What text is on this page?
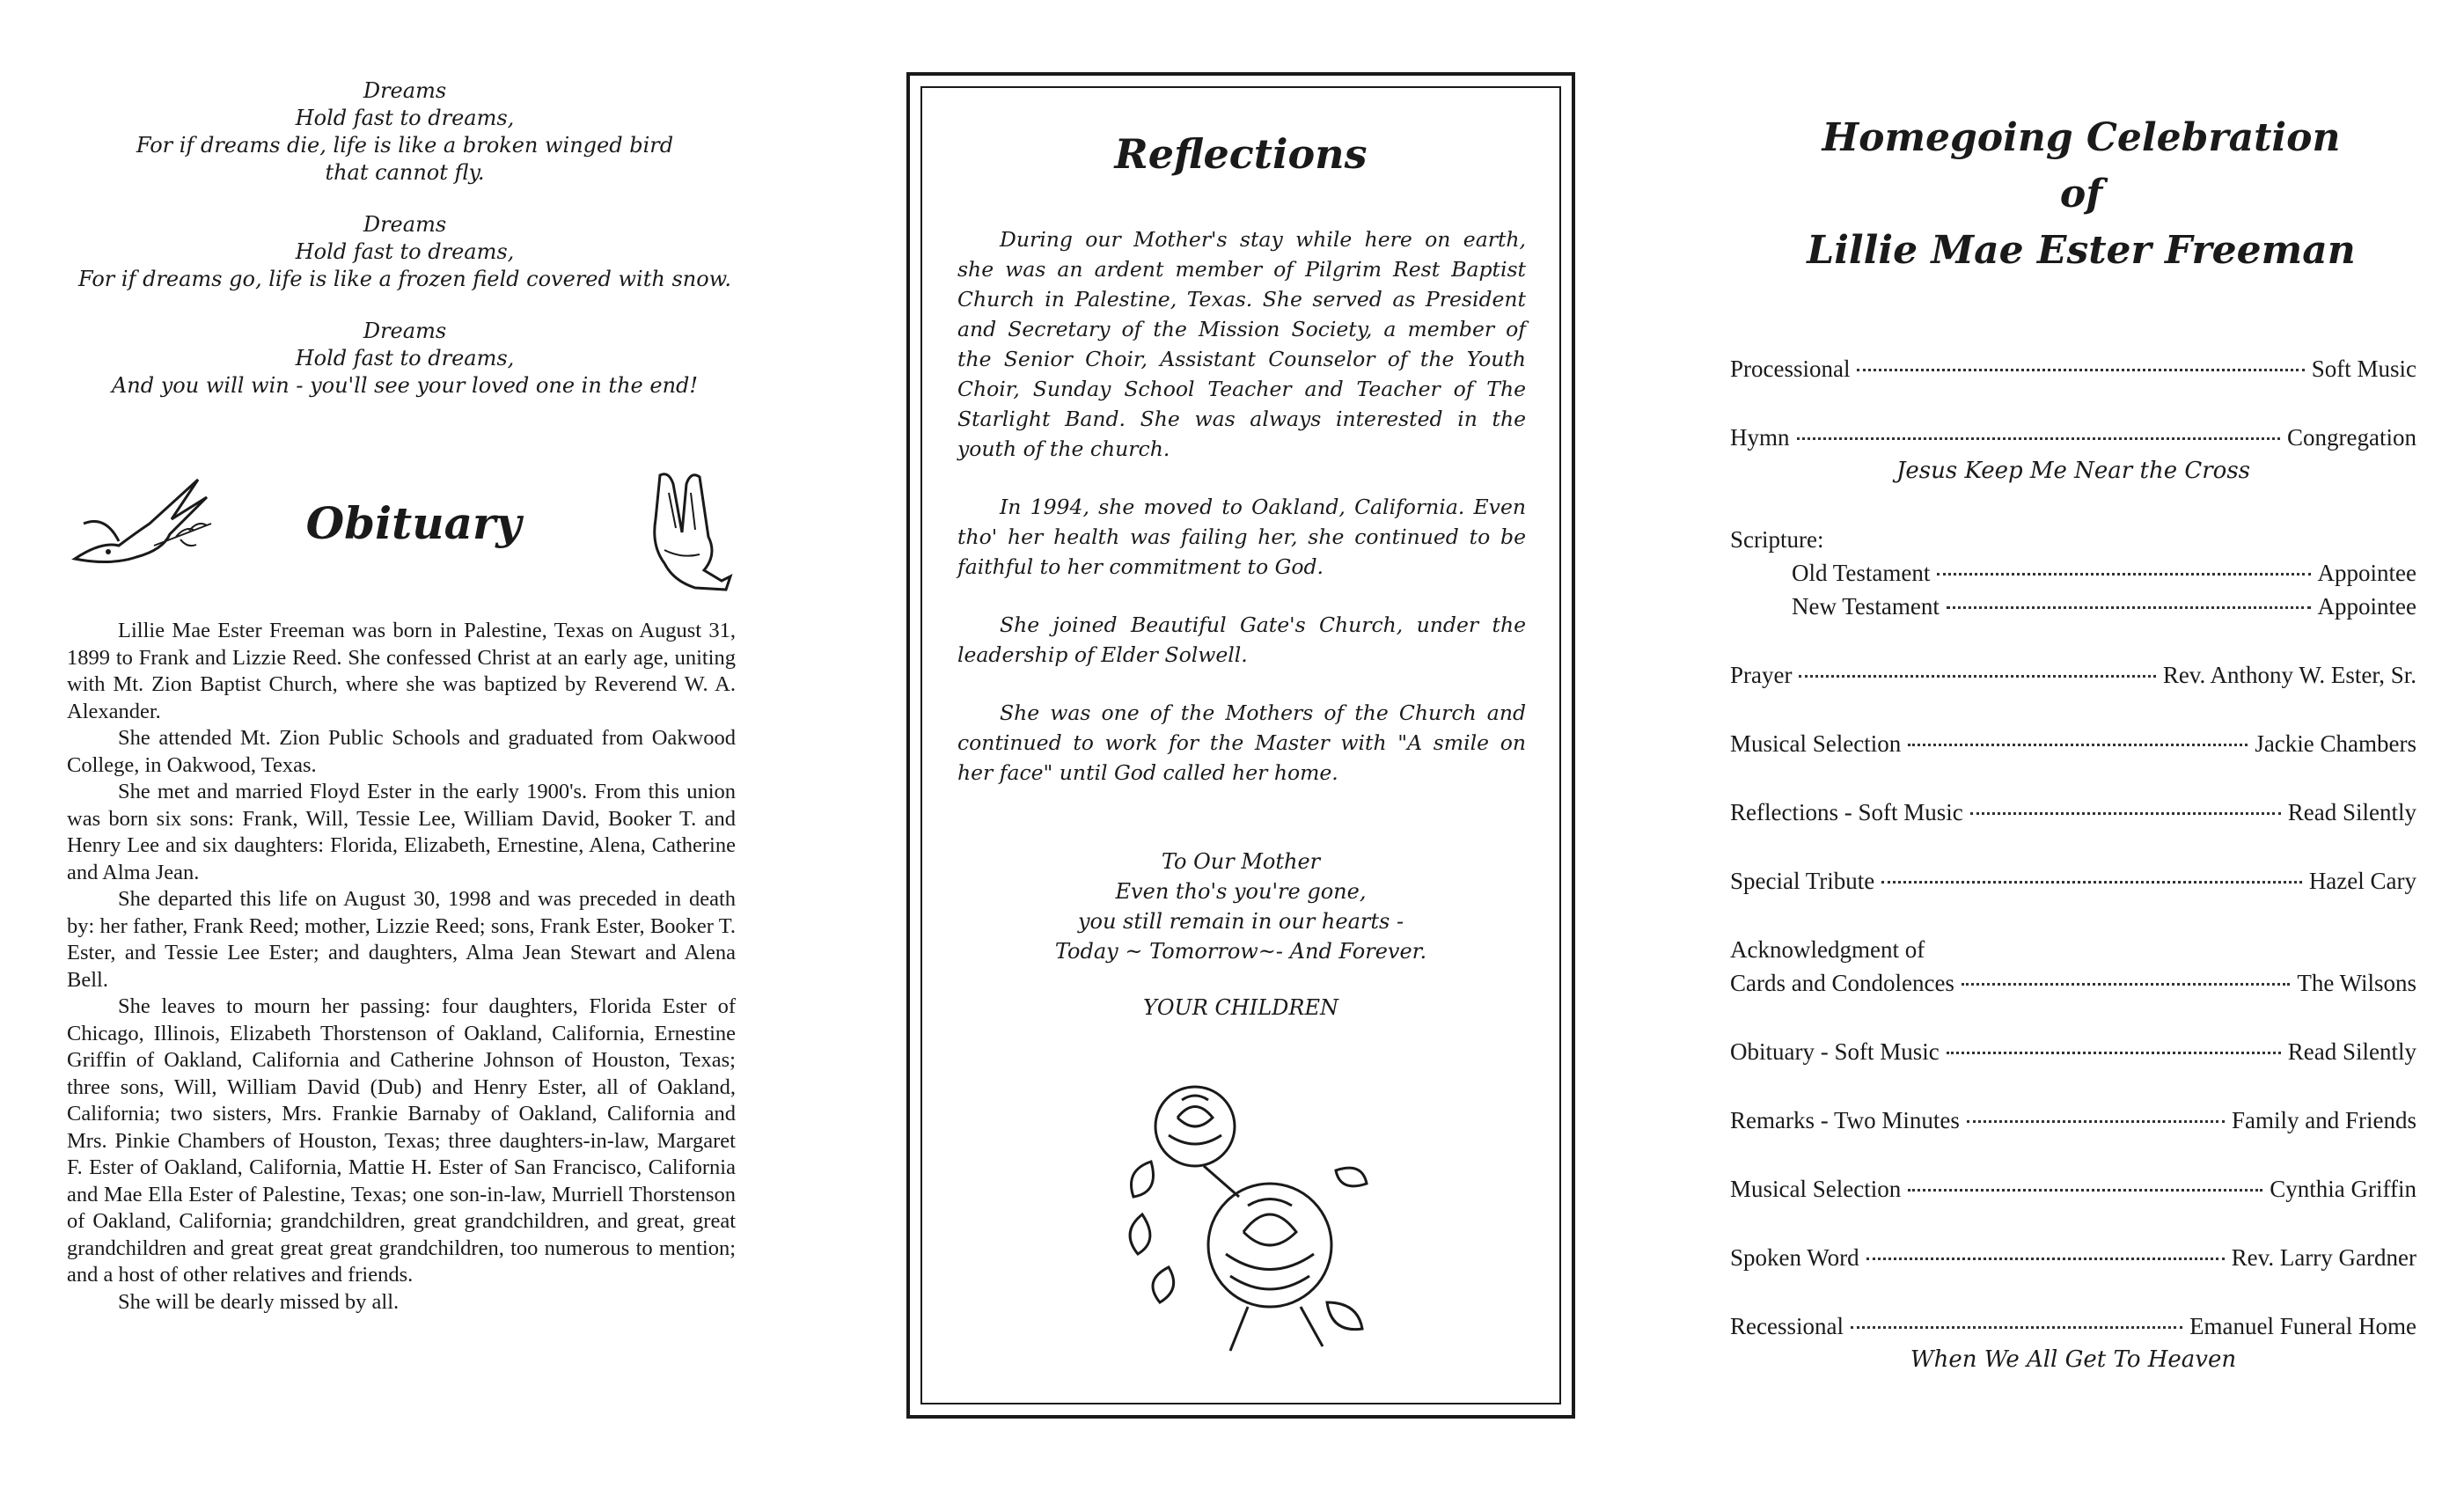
Dreams
Hold fast to dreams,
For if dreams die, life is like a broken winged bird
that cannot fly.
Dreams
Hold fast to dreams,
For if dreams go, life is like a frozen field covered with snow.
Dreams
Hold fast to dreams,
And you will win - you'll see your loved one in the end!
Obituary

Lillie Mae Ester Freeman was born in Palestine, Texas on August 31, 1899 to Frank and Lizzie Reed. She confessed Christ at an early age, uniting with Mt. Zion Baptist Church, where she was baptized by Reverend W. A. Alexander.

She attended Mt. Zion Public Schools and graduated from Oakwood College, in Oakwood, Texas.

She met and married Floyd Ester in the early 1900's. From this union was born six sons: Frank, Will, Tessie Lee, William David, Booker T. and Henry Lee and six daughters: Florida, Elizabeth, Ernestine, Alena, Catherine and Alma Jean.

She departed this life on August 30, 1998 and was preceded in death by: her father, Frank Reed; mother, Lizzie Reed; sons, Frank Ester, Booker T. Ester, and Tessie Lee Ester; and daughters, Alma Jean Stewart and Alena Bell.

She leaves to mourn her passing: four daughters, Florida Ester of Chicago, Illinois, Elizabeth Thorstenson of Oakland, California, Ernestine Griffin of Oakland, California and Catherine Johnson of Houston, Texas; three sons, Will, William David (Dub) and Henry Ester, all of Oakland, California; two sisters, Mrs. Frankie Barnaby of Oakland, California and Mrs. Pinkie Chambers of Houston, Texas; three daughters-in-law, Margaret F. Ester of Oakland, California, Mattie H. Ester of San Francisco, California and Mae Ella Ester of Palestine, Texas; one son-in-law, Murriell Thorstenson of Oakland, California; grandchildren, great grandchildren, and great, great grandchildren and great great great grandchildren, too numerous to mention; and a host of other relatives and friends.

She will be dearly missed by all.

Reflections

During our Mother's stay while here on earth, she was an ardent member of Pilgrim Rest Baptist Church in Palestine, Texas. She served as President and Secretary of the Mission Society, a member of the Senior Choir, Assistant Counselor of the Youth Choir, Sunday School Teacher and Teacher of The Starlight Band. She was always interested in the youth of the church.

In 1994, she moved to Oakland, California. Even tho' her health was failing her, she continued to be faithful to her commitment to God.

She joined Beautiful Gate's Church, under the leadership of Elder Solwell.

She was one of the Mothers of the Church and continued to work for the Master with "A smile on her face" until God called her home.

To Our Mother
Even tho's you're gone,
you still remain in our hearts -
Today ~ Tomorrow~- And Forever.
YOUR CHILDREN
Homegoing Celebration
of
Lillie Mae Ester Freeman
Processional	Soft Music
Hymn	Congregation
Jesus Keep Me Near the Cross
Scripture:
Old Testament	Appointee
New Testament	Appointee
Prayer	Rev. Anthony W. Ester, Sr.
Musical Selection	Jackie Chambers
Reflections - Soft Music	Read Silently
Special Tribute	Hazel Cary
Acknowledgment of
Cards and Condolences	The Wilsons
Obituary - Soft Music	Read Silently
Remarks - Two Minutes	Family and Friends
Musical Selection	Cynthia Griffin
Spoken Word	Rev. Larry Gardner
Recessional	Emanuel Funeral Home
When We All Get To Heaven
